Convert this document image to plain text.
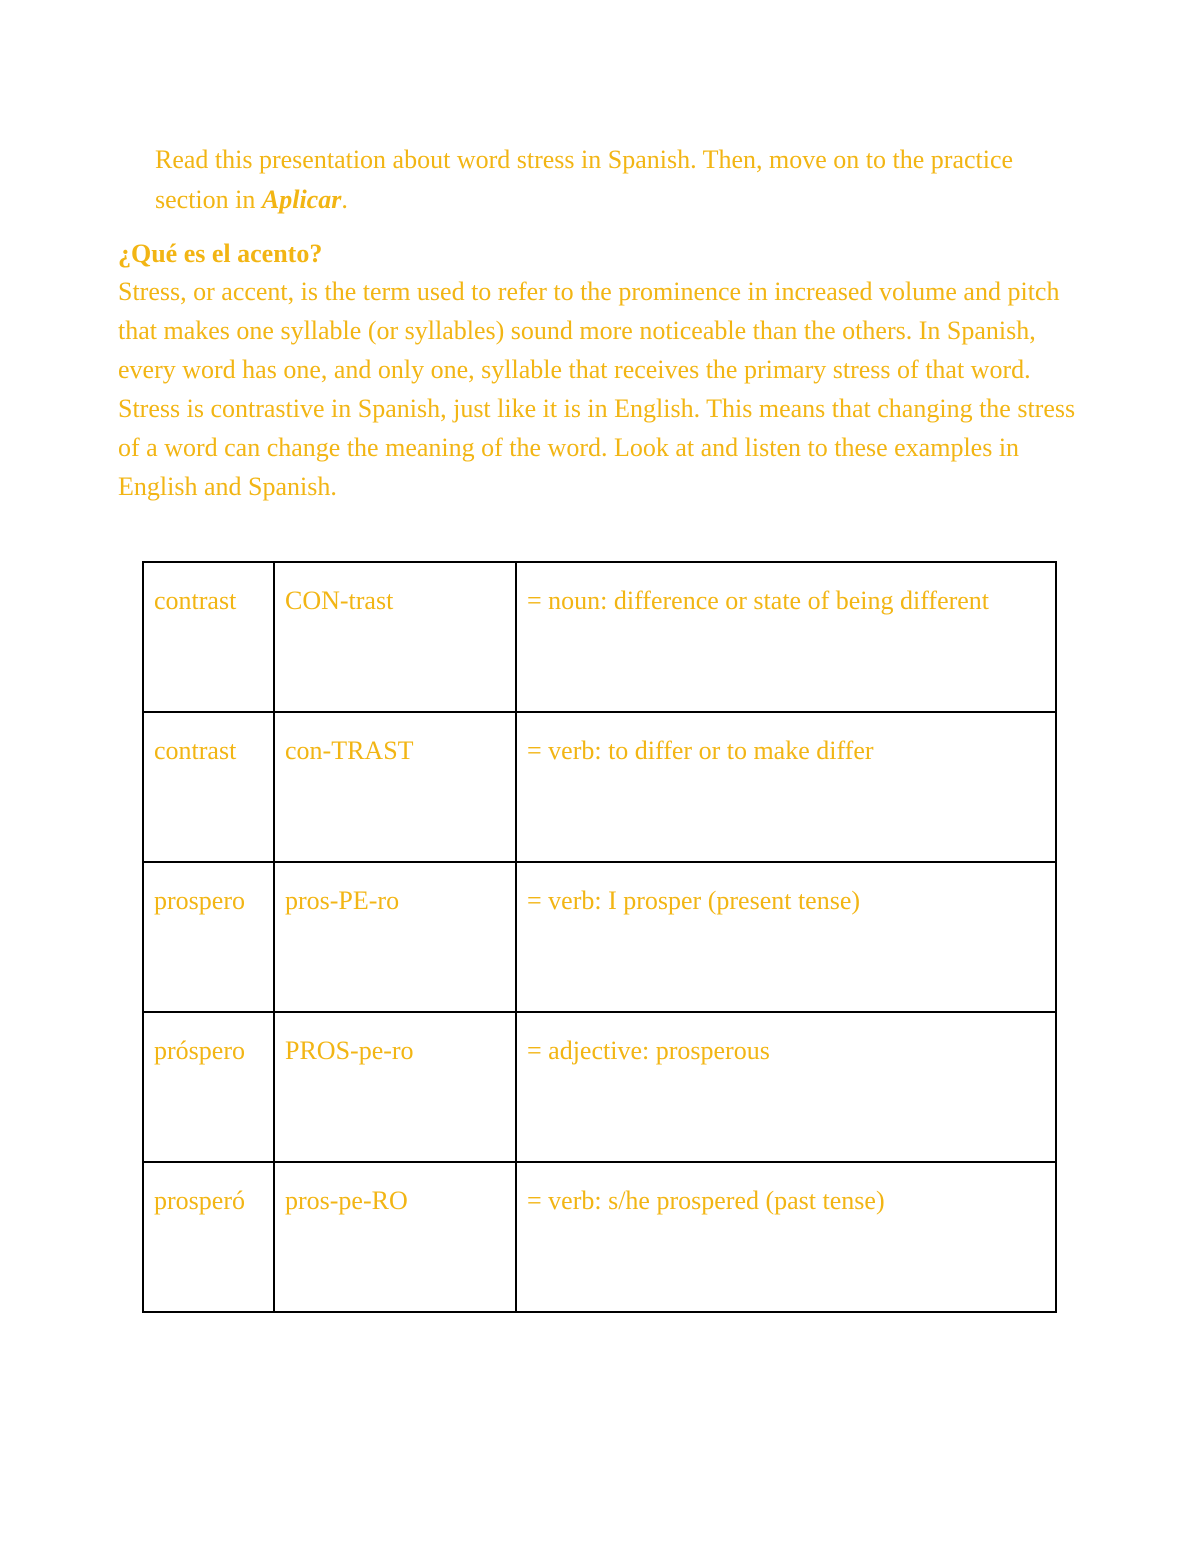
Read this presentation about word stress in Spanish. Then, move on to the practice section in Aplicar.

¿Qué es el acento?

Stress, or accent, is the term used to refer to the prominence in increased volume and pitch that makes one syllable (or syllables) sound more noticeable than the others. In Spanish, every word has one, and only one, syllable that receives the primary stress of that word. Stress is contrastive in Spanish, just like it is in English. This means that changing the stress of a word can change the meaning of the word. Look at and listen to these examples in English and Spanish.

contrast	CON-trast	= noun: difference or state of being different
contrast	con-TRAST	= verb: to differ or to make differ
prospero	pros-PE-ro	= verb: I prosper (present tense)
próspero	PROS-pe-ro	= adjective: prosperous
prosperó	pros-pe-RO	= verb: s/he prospered (past tense)
